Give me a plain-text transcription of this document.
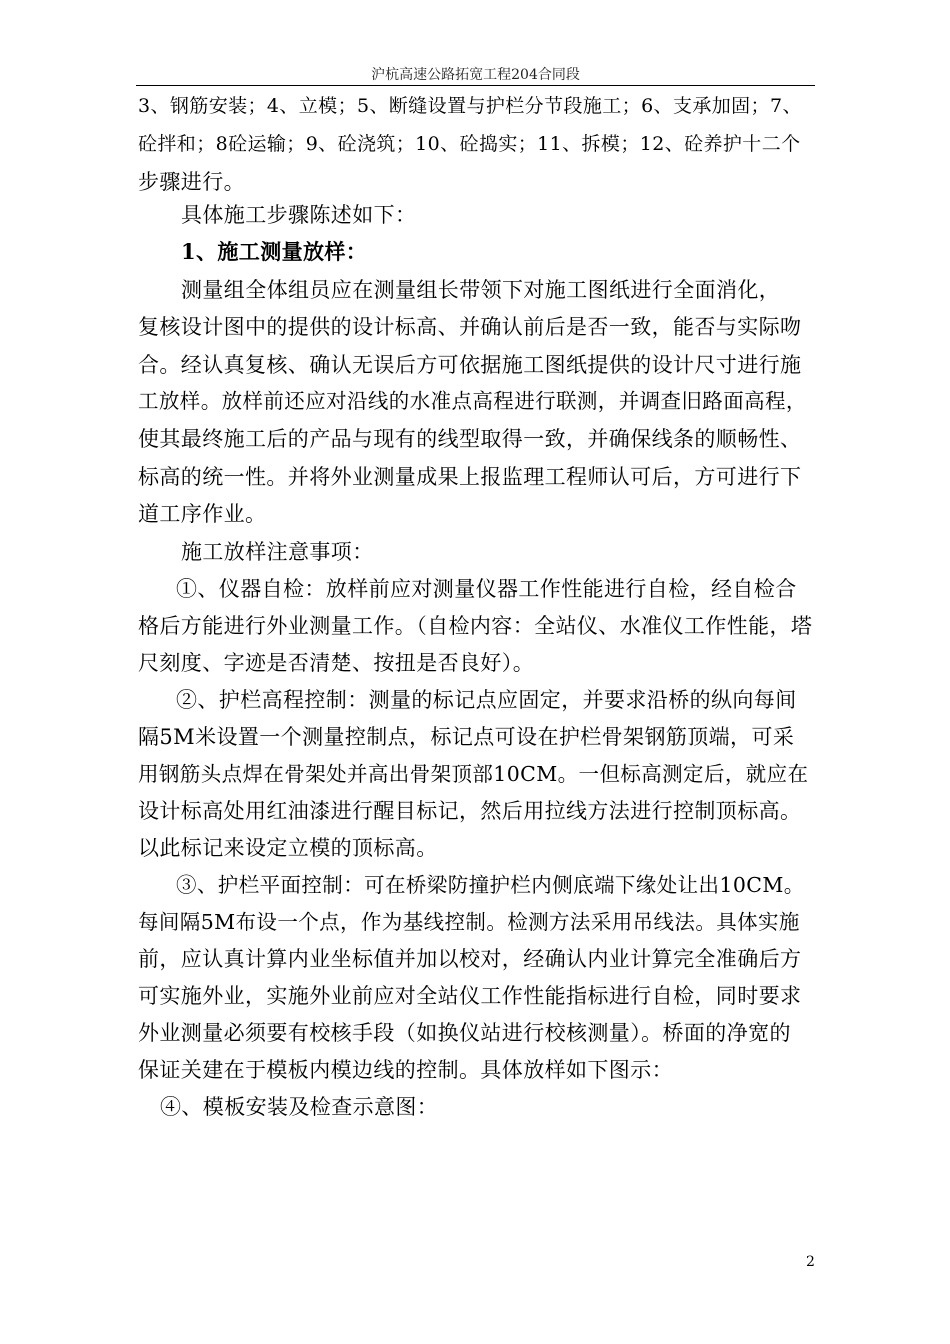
沪杭高速公路拓宽工程204合同段
3、钢筋安装；4、立模；5、断缝设置与护栏分节段施工；6、支承加固；7、
砼拌和；8砼运输；9、砼浇筑；10、砼捣实；11、拆模；12、砼养护十二个
步骤进行。
具体施工步骤陈述如下：
1、施工测量放样：
测量组全体组员应在测量组长带领下对施工图纸进行全面消化，
复核设计图中的提供的设计标高、并确认前后是否一致，能否与实际吻
合。经认真复核、确认无误后方可依据施工图纸提供的设计尺寸进行施
工放样。放样前还应对沿线的水准点高程进行联测，并调查旧路面高程，
使其最终施工后的产品与现有的线型取得一致，并确保线条的顺畅性、
标高的统一性。并将外业测量成果上报监理工程师认可后，方可进行下
道工序作业。
施工放样注意事项：
①、仪器自检：放样前应对测量仪器工作性能进行自检，经自检合
格后方能进行外业测量工作。（自检内容：全站仪、水准仪工作性能，塔
尺刻度、字迹是否清楚、按扭是否良好）。
②、护栏高程控制：测量的标记点应固定，并要求沿桥的纵向每间
隔5M米设置一个测量控制点，标记点可设在护栏骨架钢筋顶端，可采
用钢筋头点焊在骨架处并高出骨架顶部10CM。一但标高测定后，就应在
设计标高处用红油漆进行醒目标记，然后用拉线方法进行控制顶标高。
以此标记来设定立模的顶标高。
③、护栏平面控制：可在桥梁防撞护栏内侧底端下缘处让出10CM。
每间隔5M布设一个点，作为基线控制。检测方法采用吊线法。具体实施
前，应认真计算内业坐标值并加以校对，经确认内业计算完全准确后方
可实施外业，实施外业前应对全站仪工作性能指标进行自检，同时要求
外业测量必须要有校核手段（如换仪站进行校核测量）。桥面的净宽的
保证关建在于模板内模边线的控制。具体放样如下图示：
④、模板安装及检查示意图：
2
